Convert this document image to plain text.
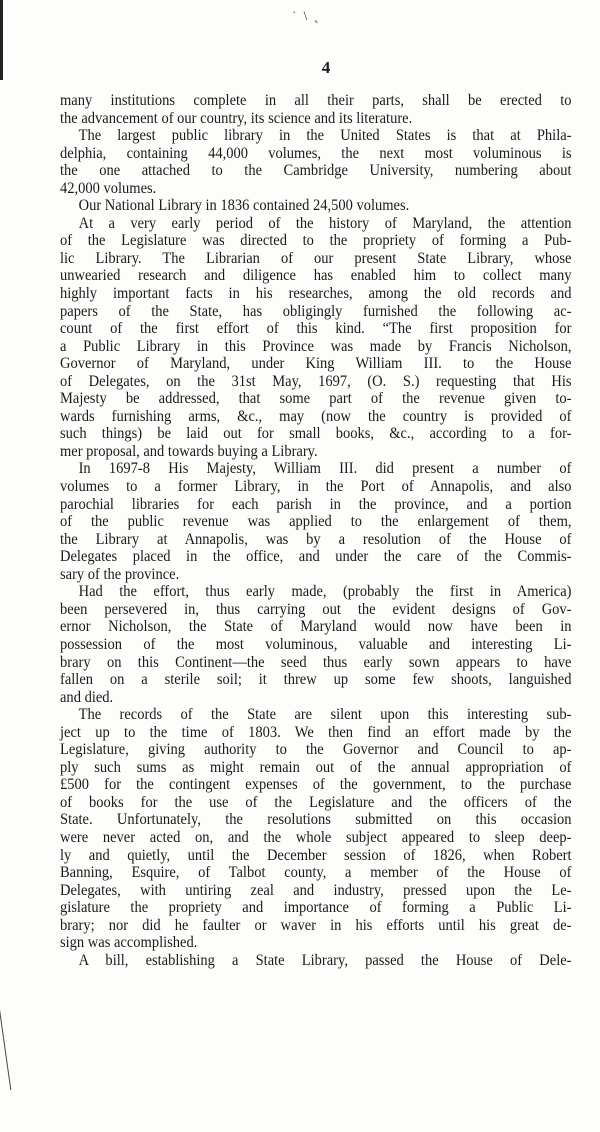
˙ \ ˛
4
many institutions complete in all their parts, shall be erected to
the advancement of our country, its science and its literature.
The largest public library in the United States is that at Phila-
delphia, containing 44,000 volumes, the next most voluminous is
the one attached to the Cambridge University, numbering about
42,000 volumes.
Our National Library in 1836 contained 24,500 volumes.
At a very early period of the history of Maryland, the attention
of the Legislature was directed to the propriety of forming a Pub-
lic Library. The Librarian of our present State Library, whose
unwearied research and diligence has enabled him to collect many
highly important facts in his researches, among the old records and
papers of the State, has obligingly furnished the following ac-
count of the first effort of this kind. “The first proposition for
a Public Library in this Province was made by Francis Nicholson,
Governor of Maryland, under King William III. to the House
of Delegates, on the 31st May, 1697, (O. S.) requesting that His
Majesty be addressed, that some part of the revenue given to-
wards furnishing arms, &c., may (now the country is provided of
such things) be laid out for small books, &c., according to a for-
mer proposal, and towards buying a Library.
In 1697-8 His Majesty, William III. did present a number of
volumes to a former Library, in the Port of Annapolis, and also
parochial libraries for each parish in the province, and a portion
of the public revenue was applied to the enlargement of them,
the Library at Annapolis, was by a resolution of the House of
Delegates placed in the office, and under the care of the Commis-
sary of the province.
Had the effort, thus early made, (probably the first in America)
been persevered in, thus carrying out the evident designs of Gov-
ernor Nicholson, the State of Maryland would now have been in
possession of the most voluminous, valuable and interesting Li-
brary on this Continent—the seed thus early sown appears to have
fallen on a sterile soil; it threw up some few shoots, languished
and died.
The records of the State are silent upon this interesting sub-
ject up to the time of 1803. We then find an effort made by the
Legislature, giving authority to the Governor and Council to ap-
ply such sums as might remain out of the annual appropriation of
£500 for the contingent expenses of the government, to the purchase
of books for the use of the Legislature and the officers of the
State. Unfortunately, the resolutions submitted on this occasion
were never acted on, and the whole subject appeared to sleep deep-
ly and quietly, until the December session of 1826, when Robert
Banning, Esquire, of Talbot county, a member of the House of
Delegates, with untiring zeal and industry, pressed upon the Le-
gislature the propriety and importance of forming a Public Li-
brary; nor did he faulter or waver in his efforts until his great de-
sign was accomplished.
A bill, establishing a State Library, passed the House of Dele-
